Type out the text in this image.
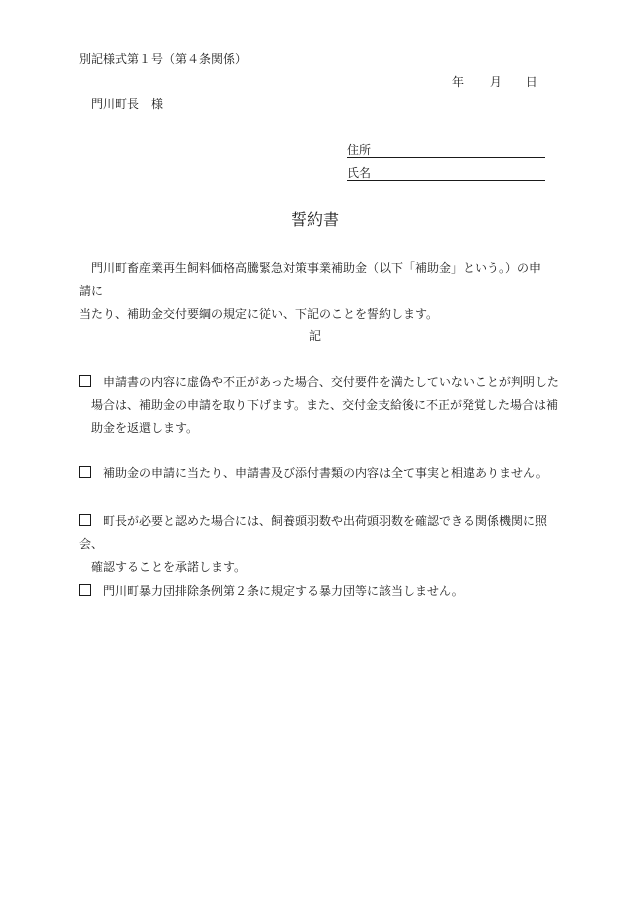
別記様式第１号（第４条関係）
年 月 日
門川町長　様
住所
氏名
誓約書
門川町畜産業再生飼料価格高騰緊急対策事業補助金（以下「補助金」という。）の申請に
当たり、補助金交付要綱の規定に従い、下記のことを誓約します。
記
申請書の内容に虚偽や不正があった場合、交付要件を満たしていないことが判明した
場合は、補助金の申請を取り下げます。また、交付金支給後に不正が発覚した場合は補
助金を返還します。
補助金の申請に当たり、申請書及び添付書類の内容は全て事実と相違ありません。
町長が必要と認めた場合には、飼養頭羽数や出荷頭羽数を確認できる関係機関に照会、
確認することを承諾します。
門川町暴力団排除条例第２条に規定する暴力団等に該当しません。
